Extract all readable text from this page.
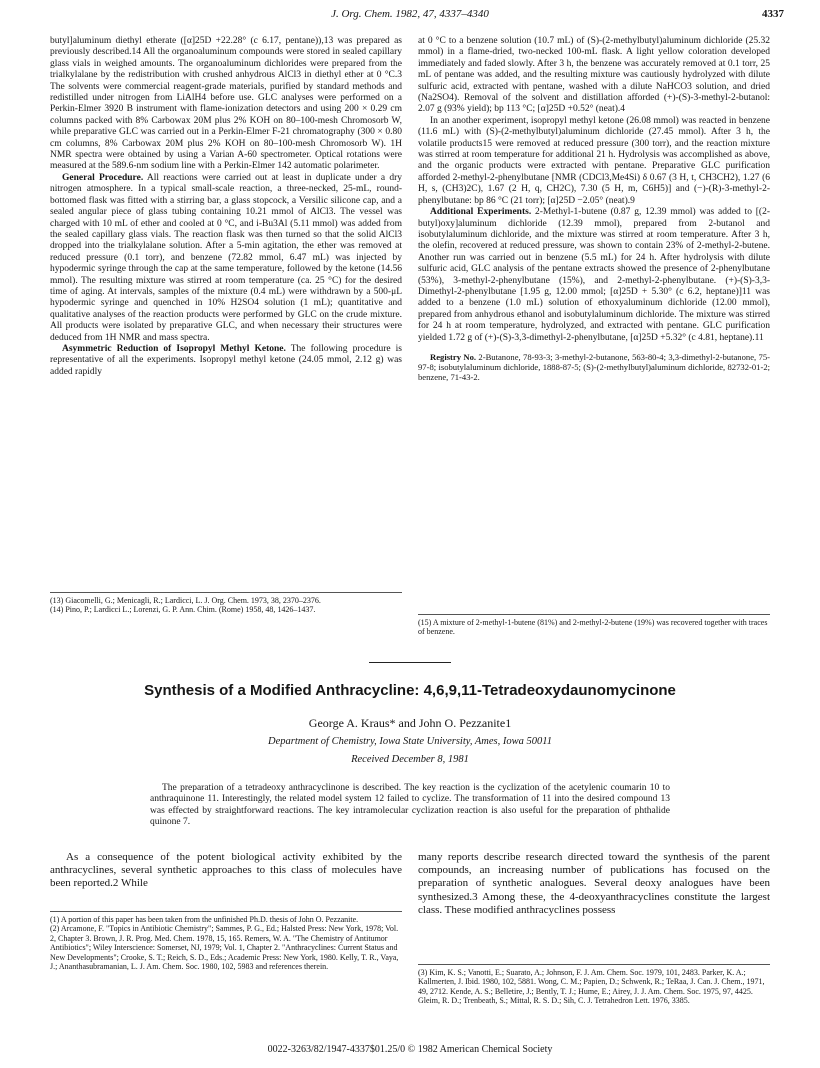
J. Org. Chem. 1982, 47, 4337–4340	4337

butyl]aluminum diethyl etherate ([α]25D +22.28° (c 6.17, pentane)),13 was prepared as previously described.14 All the organoaluminum compounds were stored in sealed capillary glass vials in weighed amounts. The organoaluminum dichlorides were prepared from the trialkylalane by the redistribution with crushed anhydrous AlCl3 in diethyl ether at 0 °C.3 The solvents were commercial reagent-grade materials, purified by standard methods and redistilled under nitrogen from LiAlH4 before use. GLC analyses were performed on a Perkin-Elmer 3920 B instrument with flame-ionization detectors and using 200 × 0.29 cm columns packed with 8% Carbowax 20M plus 2% KOH on 80–100-mesh Chromosorb W, while preparative GLC was carried out in a Perkin-Elmer F-21 chromatography (300 × 0.80 cm columns, 8% Carbowax 20M plus 2% KOH on 80–100-mesh Chromosorb W). 1H NMR spectra were obtained by using a Varian A-60 spectrometer. Optical rotations were measured at the 589.6-nm sodium line with a Perkin-Elmer 142 automatic polarimeter.

General Procedure. All reactions were carried out at least in duplicate under a dry nitrogen atmosphere. In a typical small-scale reaction, a three-necked, 25-mL, round-bottomed flask was fitted with a stirring bar, a glass stopcock, a Versilic silicone cap, and a sealed angular piece of glass tubing containing 10.21 mmol of AlCl3. The vessel was charged with 10 mL of ether and cooled at 0 °C, and i-Bu3Al (5.11 mmol) was added from the sealed capillary glass vials. The reaction flask was then turned so that the solid AlCl3 dropped into the trialkylalane solution. After a 5-min agitation, the ether was removed at reduced pressure (0.1 torr), and benzene (72.82 mmol, 6.47 mL) was injected by hypodermic syringe through the cap at the same temperature, followed by the ketone (14.56 mmol). The resulting mixture was stirred at room temperature (ca. 25 °C) for the desired time of aging. At intervals, samples of the mixture (0.4 mL) were withdrawn by a 500-μL hypodermic syringe and quenched in 10% H2SO4 solution (1 mL); quantitative and qualitative analyses of the reaction products were performed by GLC on the crude mixture. All products were isolated by preparative GLC, and when necessary their structures were deduced from 1H NMR and mass spectra.

Asymmetric Reduction of Isopropyl Methyl Ketone. The following procedure is representative of all the experiments. Isopropyl methyl ketone (24.05 mmol, 2.12 g) was added rapidly

(13) Giacomelli, G.; Menicagli, R.; Lardicci, L. J. Org. Chem. 1973, 38, 2370–2376.

(14) Pino, P.; Lardicci L.; Lorenzi, G. P. Ann. Chim. (Rome) 1958, 48, 1426–1437.

at 0 °C to a benzene solution (10.7 mL) of (S)-(2-methylbutyl)aluminum dichloride (25.32 mmol) in a flame-dried, two-necked 100-mL flask. A light yellow coloration developed immediately and faded slowly. After 3 h, the benzene was accurately removed at 0.1 torr, 25 mL of pentane was added, and the resulting mixture was cautiously hydrolyzed with dilute sulfuric acid, extracted with pentane, washed with a dilute NaHCO3 solution, and dried (Na2SO4). Removal of the solvent and distillation afforded (+)-(S)-3-methyl-2-butanol: 2.07 g (93% yield); bp 113 °C; [α]25D +0.52° (neat).4

In an another experiment, isopropyl methyl ketone (26.08 mmol) was reacted in benzene (11.6 mL) with (S)-(2-methylbutyl)aluminum dichloride (27.45 mmol). After 3 h, the volatile products15 were removed at reduced pressure (300 torr), and the reaction mixture was stirred at room temperature for additional 21 h. Hydrolysis was accomplished as above, and the organic products were extracted with pentane. Preparative GLC purification afforded 2-methyl-2-phenylbutane [NMR (CDCl3,Me4Si) δ 0.67 (3 H, t, CH3CH2), 1.27 (6 H, s, (CH3)2C), 1.67 (2 H, q, CH2C), 7.30 (5 H, m, C6H5)] and (−)-(R)-3-methyl-2-phenylbutane: bp 86 °C (21 torr); [α]25D −2.05° (neat).9

Additional Experiments. 2-Methyl-1-butene (0.87 g, 12.39 mmol) was added to [(2-butyl)oxy]aluminum dichloride (12.39 mmol), prepared from 2-butanol and isobutylaluminum dichloride, and the mixture was stirred at room temperature. After 3 h, the olefin, recovered at reduced pressure, was shown to contain 23% of 2-methyl-2-butene. Another run was carried out in benzene (5.5 mL) for 24 h. After hydrolysis with dilute sulfuric acid, GLC analysis of the pentane extracts showed the presence of 2-phenylbutane (53%), 3-methyl-2-phenylbutane (15%), and 2-methyl-2-phenylbutane. (+)-(S)-3,3-Dimethyl-2-phenylbutane [1.95 g, 12.00 mmol; [α]25D + 5.30° (c 6.2, heptane)]11 was added to a benzene (1.0 mL) solution of ethoxyaluminum dichloride (12.00 mmol), prepared from anhydrous ethanol and isobutylaluminum dichloride. The mixture was stirred for 24 h at room temperature, hydrolyzed, and extracted with pentane. GLC purification yielded 1.72 g of (+)-(S)-3,3-dimethyl-2-phenylbutane, [α]25D +5.32° (c 4.81, heptane).11

Registry No. 2-Butanone, 78-93-3; 3-methyl-2-butanone, 563-80-4; 3,3-dimethyl-2-butanone, 75-97-8; isobutylaluminum dichloride, 1888-87-5; (S)-(2-methylbutyl)aluminum dichloride, 82732-01-2; benzene, 71-43-2.

(15) A mixture of 2-methyl-1-butene (81%) and 2-methyl-2-butene (19%) was recovered together with traces of benzene.

Synthesis of a Modified Anthracycline: 4,6,9,11-Tetradeoxydaunomycinone
George A. Kraus* and John O. Pezzanite1
Department of Chemistry, Iowa State University, Ames, Iowa 50011
Received December 8, 1981
The preparation of a tetradeoxy anthracyclinone is described. The key reaction is the cyclization of the acetylenic coumarin 10 to anthraquinone 11. Interestingly, the related model system 12 failed to cyclize. The transformation of 11 into the desired compound 13 was effected by straightforward reactions. The key intramolecular cyclization reaction is also useful for the preparation of phthalide quinone 7.

As a consequence of the potent biological activity exhibited by the anthracyclines, several synthetic approaches to this class of molecules have been reported.2 While

many reports describe research directed toward the synthesis of the parent compounds, an increasing number of publications has focused on the preparation of synthetic analogues. Several deoxy analogues have been synthesized.3 Among these, the 4-deoxyanthracyclines constitute the largest class. These modified anthracyclines possess

(1) A portion of this paper has been taken from the unfinished Ph.D. thesis of John O. Pezzanite.

(2) Arcamone, F. "Topics in Antibiotic Chemistry"; Sammes, P. G., Ed.; Halsted Press: New York, 1978; Vol. 2, Chapter 3. Brown, J. R. Prog. Med. Chem. 1978, 15, 165. Remers, W. A. "The Chemistry of Antitumor Antibiotics"; Wiley Interscience: Somerset, NJ, 1979; Vol. 1, Chapter 2. "Anthracyclines: Current Status and New Developments"; Crooke, S. T.; Reich, S. D., Eds.; Academic Press: New York, 1980. Kelly, T. R., Vaya, J.; Ananthasubramanian, L. J. Am. Chem. Soc. 1980, 102, 5983 and references therein.

(3) Kim, K. S.; Vanotti, E.; Suarato, A.; Johnson, F. J. Am. Chem. Soc. 1979, 101, 2483. Parker, K. A.; Kallmerten, J. Ibid. 1980, 102, 5881. Wong, C. M.; Papien, D.; Schwenk, R.; TeRaa, J. Can. J. Chem., 1971, 49, 2712. Kende, A. S.; Belletire, J.; Bently, T. J.; Hume, E.; Airey, J. J. Am. Chem. Soc. 1975, 97, 4425. Gleim, R. D.; Trenbeath, S.; Mittal, R. S. D.; Sih, C. J. Tetrahedron Lett. 1976, 3385.

0022-3263/82/1947-4337$01.25/0 © 1982 American Chemical Society
